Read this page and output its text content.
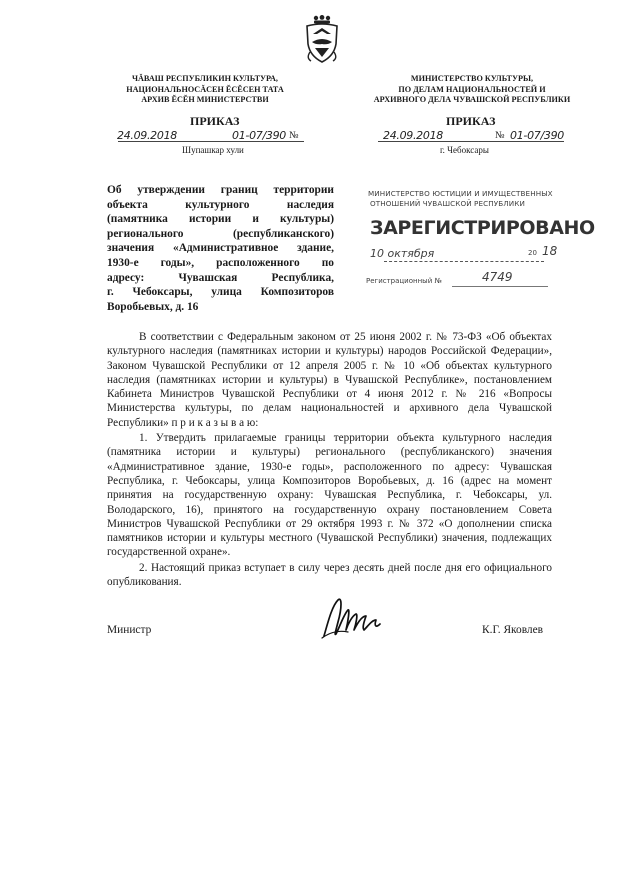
ЧĂВАШ РЕСПУБЛИКИН КУЛЬТУРА,
НАЦИОНАЛЬНОСĂСЕН ĔСĔСЕН ТАТА
АРХИВ ĔСĔН МИНИСТЕРСТВИ
ПРИКАЗ
24.09.2018	01-07/390 №
Шупашкар хули
МИНИСТЕРСТВО КУЛЬТУРЫ,
ПО ДЕЛАМ НАЦИОНАЛЬНОСТЕЙ И
АРХИВНОГО ДЕЛА ЧУВАШСКОЙ РЕСПУБЛИКИ
ПРИКАЗ
24.09.2018	№ 01-07/390
г. Чебоксары
Об утверждении границ территории
объекта культурного наследия
(памятника истории и культуры)
регионального (республиканского)
значения «Административное здание,
1930-е годы», расположенного по
адресу: Чувашская Республика,
г. Чебоксары, улица Композиторов
Воробьевых, д. 16
МИНИСТЕРСТВО ЮСТИЦИИ И ИМУЩЕСТВЕННЫХ
ОТНОШЕНИЙ ЧУВАШСКОЙ РЕСПУБЛИКИ
ЗАРЕГИСТРИРОВАНО
10 октября	20 18
Регистрационный №	4749

В соответствии с Федеральным законом от 25 июня 2002 г. № 73-ФЗ «Об объектах культурного наследия (памятниках истории и культуры) народов Российской Федерации», Законом Чувашской Республики от 12 апреля 2005 г. № 10 «Об объектах культурного наследия (памятниках истории и культуры) в Чувашской Республике», постановлением Кабинета Министров Чувашской Республики от 4 июня 2012 г. № 216 «Вопросы Министерства культуры, по делам национальностей и архивного дела Чувашской Республики» п р и к а з ы в а ю:

1. Утвердить прилагаемые границы территории объекта культурного наследия (памятника истории и культуры) регионального (республиканского) значения «Административное здание, 1930-е годы», расположенного по адресу: Чувашская Республика, г. Чебоксары, улица Композиторов Воробьевых, д. 16 (адрес на момент принятия на государственную охрану: Чувашская Республика, г. Чебоксары, ул. Володарского, 16), принятого на государственную охрану постановлением Совета Министров Чувашской Республики от 29 октября 1993 г. № 372 «О дополнении списка памятников истории и культуры местного (Чувашской Республики) значения, подлежащих государственной охране».

2. Настоящий приказ вступает в силу через десять дней после дня его официального опубликования.

Министр	К.Г. Яковлев
